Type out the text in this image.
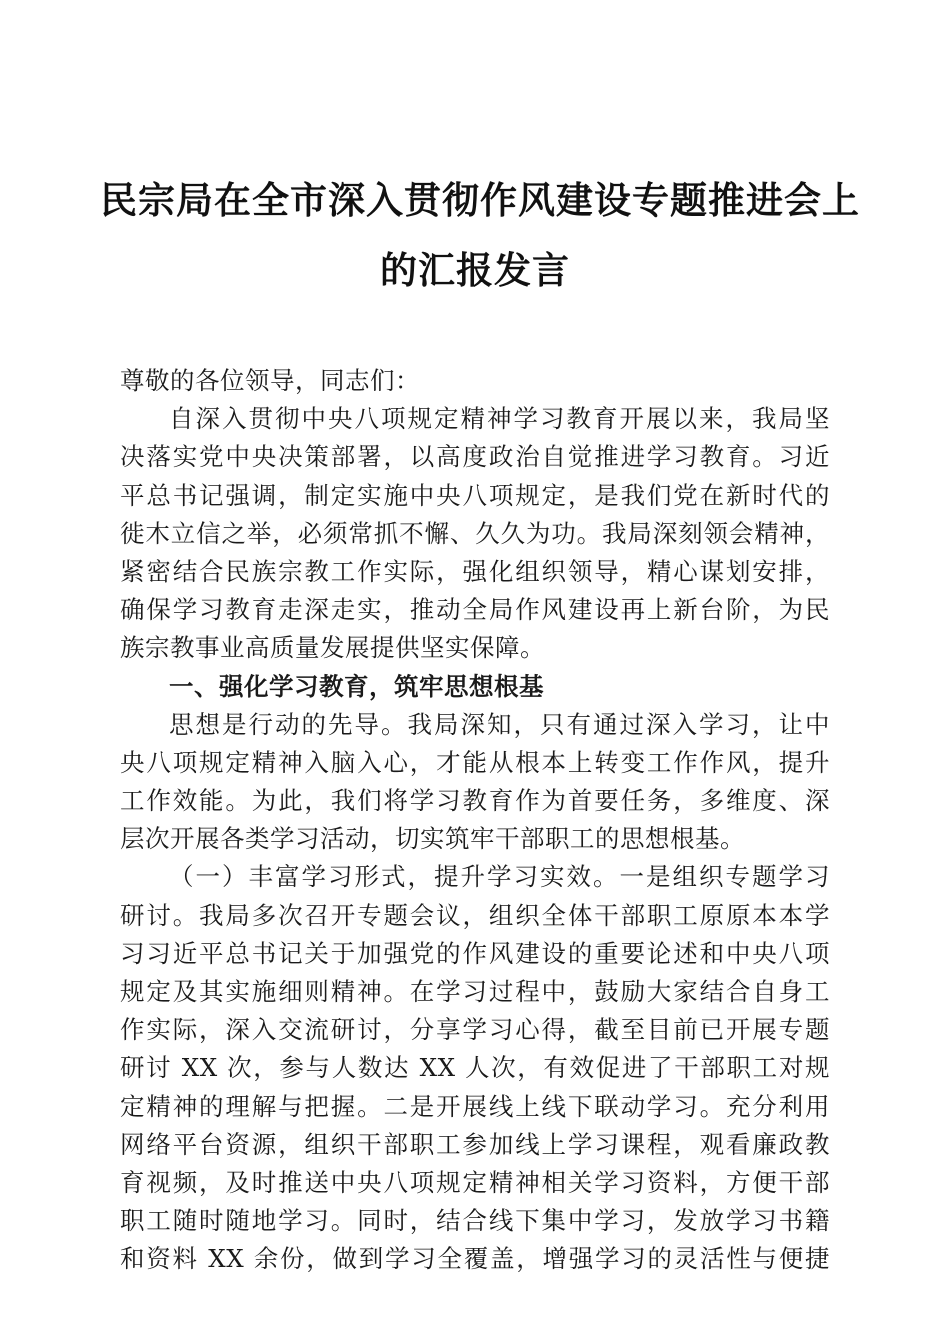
民宗局在全市深入贯彻作风建设专题推进会上
的汇报发言
尊敬的各位领导，同志们：
自深入贯彻中央八项规定精神学习教育开展以来，我局坚
决落实党中央决策部署，以高度政治自觉推进学习教育。习近
平总书记强调，制定实施中央八项规定，是我们党在新时代的
徙木立信之举，必须常抓不懈、久久为功。我局深刻领会精神，
紧密结合民族宗教工作实际，强化组织领导，精心谋划安排，
确保学习教育走深走实，推动全局作风建设再上新台阶，为民
族宗教事业高质量发展提供坚实保障。
一、强化学习教育，筑牢思想根基
思想是行动的先导。我局深知，只有通过深入学习，让中
央八项规定精神入脑入心，才能从根本上转变工作作风，提升
工作效能。为此，我们将学习教育作为首要任务，多维度、深
层次开展各类学习活动，切实筑牢干部职工的思想根基。
（一）丰富学习形式，提升学习实效。一是组织专题学习
研讨。我局多次召开专题会议，组织全体干部职工原原本本学
习习近平总书记关于加强党的作风建设的重要论述和中央八项
规定及其实施细则精神。在学习过程中，鼓励大家结合自身工
作实际，深入交流研讨，分享学习心得，截至目前已开展专题
研讨 XX 次，参与人数达 XX 人次，有效促进了干部职工对规
定精神的理解与把握。二是开展线上线下联动学习。充分利用
网络平台资源，组织干部职工参加线上学习课程，观看廉政教
育视频，及时推送中央八项规定精神相关学习资料，方便干部
职工随时随地学习。同时，结合线下集中学习，发放学习书籍
和资料 XX 余份，做到学习全覆盖，增强学习的灵活性与便捷
